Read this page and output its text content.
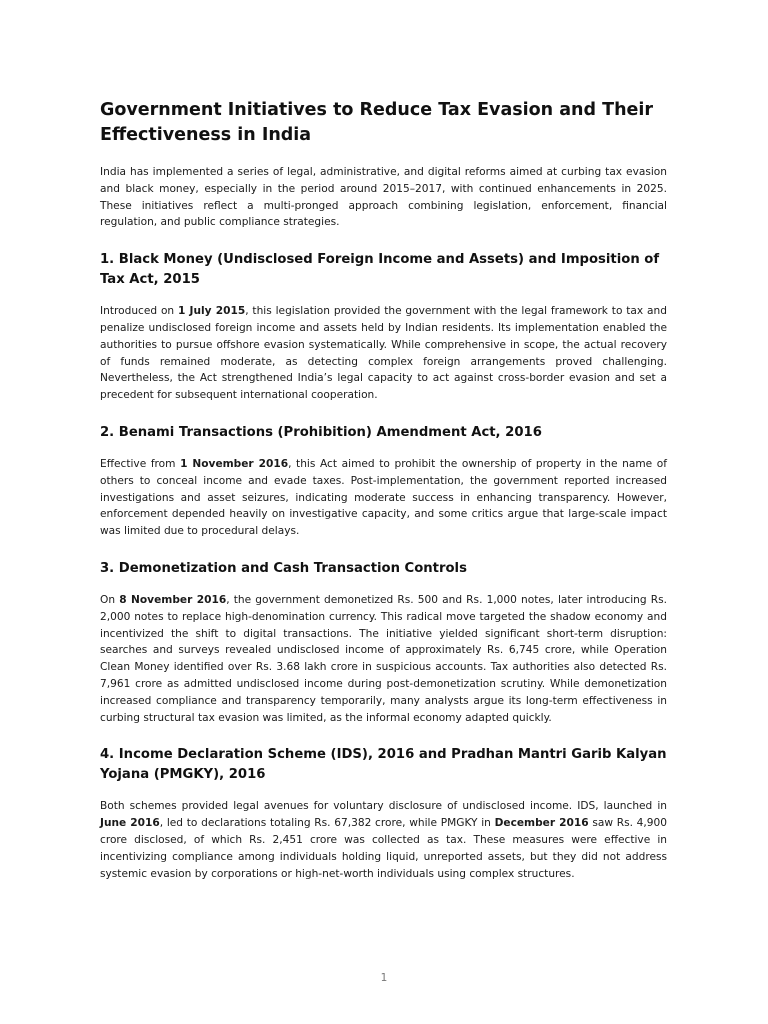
Government Initiatives to Reduce Tax Evasion and Their Effectiveness in India

India has implemented a series of legal, administrative, and digital reforms aimed at curbing tax evasion and black money, especially in the period around 2015–2017, with continued enhancements in 2025. These initiatives reflect a multi-pronged approach combining legislation, enforcement, financial regulation, and public compliance strategies.

1. Black Money (Undisclosed Foreign Income and Assets) and Imposition of Tax Act, 2015

Introduced on 1 July 2015, this legislation provided the government with the legal framework to tax and penalize undisclosed foreign income and assets held by Indian residents. Its implementation enabled the authorities to pursue offshore evasion systematically. While comprehensive in scope, the actual recovery of funds remained moderate, as detecting complex foreign arrangements proved challenging. Nevertheless, the Act strengthened India’s legal capacity to act against cross-border evasion and set a precedent for subsequent international cooperation.

2. Benami Transactions (Prohibition) Amendment Act, 2016

Effective from 1 November 2016, this Act aimed to prohibit the ownership of property in the name of others to conceal income and evade taxes. Post-implementation, the government reported increased investigations and asset seizures, indicating moderate success in enhancing transparency. However, enforcement depended heavily on investigative capacity, and some critics argue that large-scale impact was limited due to procedural delays.

3. Demonetization and Cash Transaction Controls

On 8 November 2016, the government demonetized Rs. 500 and Rs. 1,000 notes, later introducing Rs. 2,000 notes to replace high-denomination currency. This radical move targeted the shadow economy and incentivized the shift to digital transactions. The initiative yielded significant short-term disruption: searches and surveys revealed undisclosed income of approximately Rs. 6,745 crore, while Operation Clean Money identified over Rs. 3.68 lakh crore in suspicious accounts. Tax authorities also detected Rs. 7,961 crore as admitted undisclosed income during post-demonetization scrutiny. While demonetization increased compliance and transparency temporarily, many analysts argue its long-term effectiveness in curbing structural tax evasion was limited, as the informal economy adapted quickly.

4. Income Declaration Scheme (IDS), 2016 and Pradhan Mantri Garib Kalyan Yojana (PMGKY), 2016

Both schemes provided legal avenues for voluntary disclosure of undisclosed income. IDS, launched in June 2016, led to declarations totaling Rs. 67,382 crore, while PMGKY in December 2016 saw Rs. 4,900 crore disclosed, of which Rs. 2,451 crore was collected as tax. These measures were effective in incentivizing compliance among individuals holding liquid, unreported assets, but they did not address systemic evasion by corporations or high-net-worth individuals using complex structures.

1
